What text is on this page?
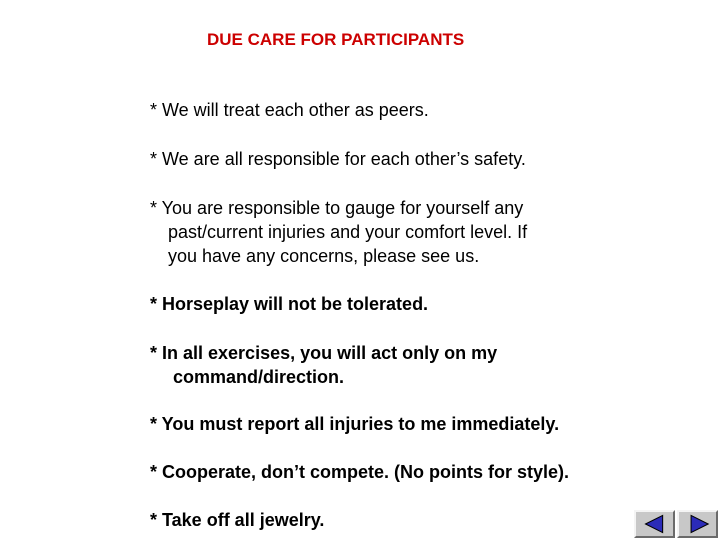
DUE CARE FOR PARTICIPANTS
* We will treat each other as peers.
* We are all responsible for each other’s safety.
* You are responsible to gauge for yourself any
past/current injuries and your comfort level. If
you have any concerns, please see us.
* Horseplay will not be tolerated.
* In all exercises, you will act only on my
command/direction.
* You must report all injuries to me immediately.
* Cooperate, don’t compete. (No points for style).
* Take off all jewelry.
